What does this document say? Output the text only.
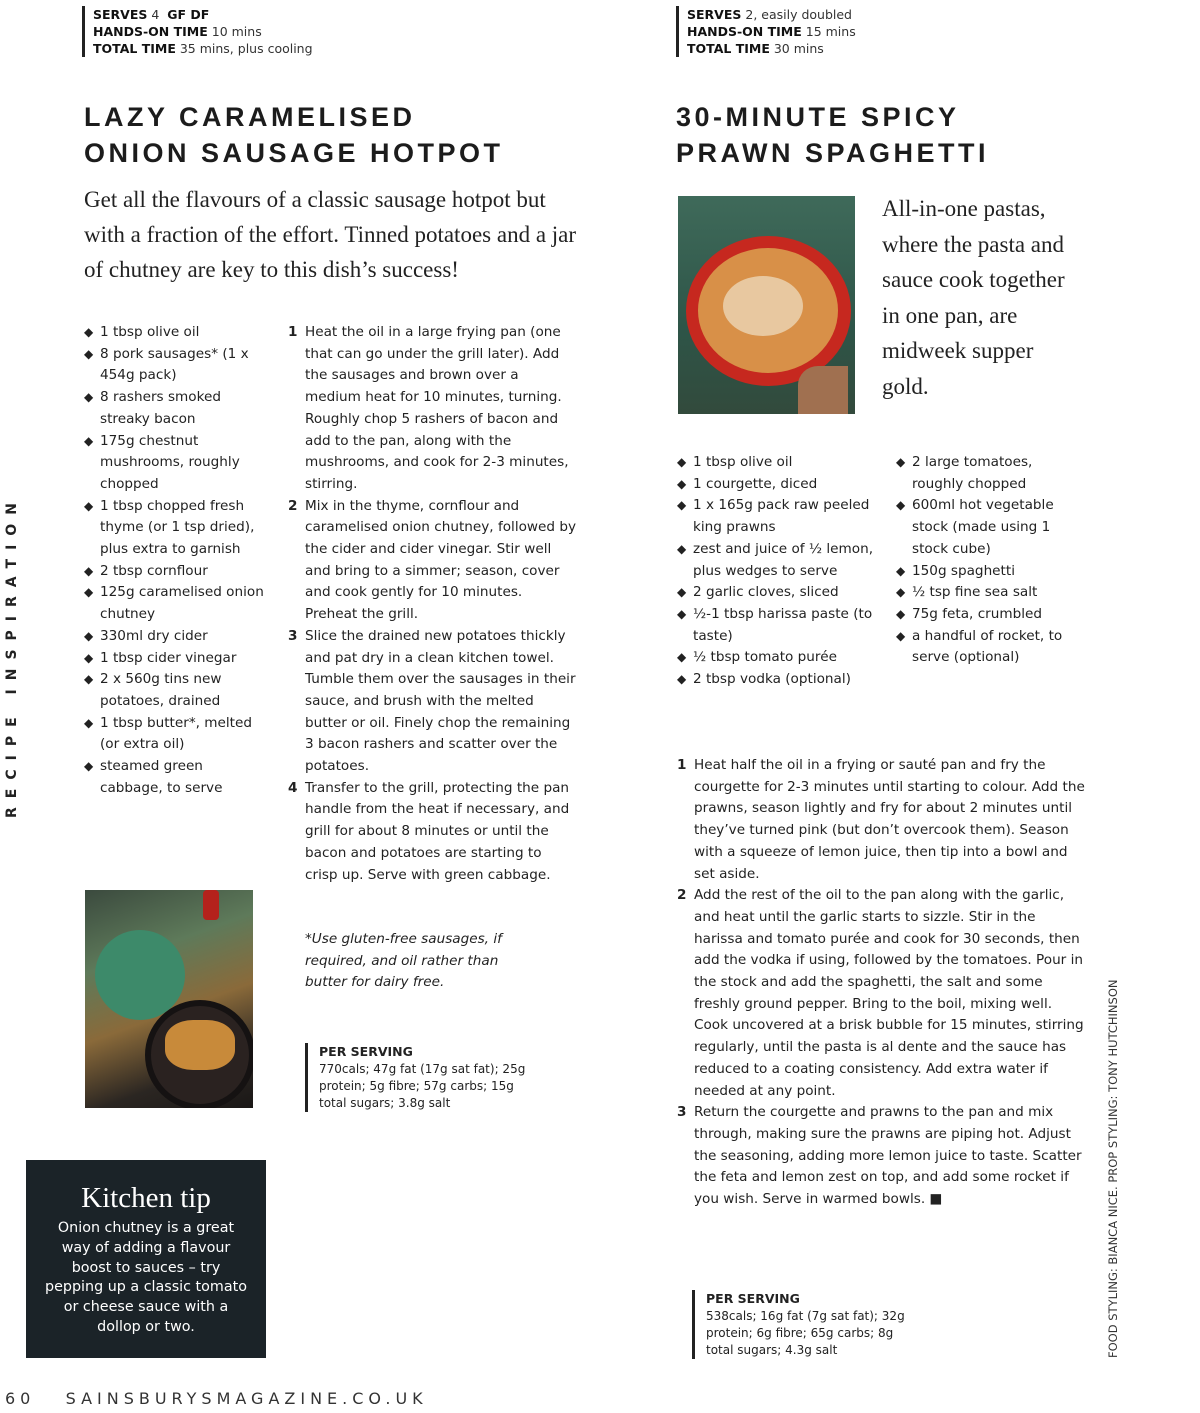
SERVES 4 GF DF
HANDS-ON TIME 10 mins
TOTAL TIME 35 mins, plus cooling
LAZY CARAMELISED
ONION SAUSAGE HOTPOT
Get all the flavours of a classic sausage hotpot but with a fraction of the effort. Tinned potatoes and a jar of chutney are key to this dish’s success!
◆ 1 tbsp olive oil
◆ 8 pork sausages* (1 x 454g pack)
◆ 8 rashers smoked streaky bacon
◆ 175g chestnut mushrooms, roughly chopped
◆ 1 tbsp chopped fresh thyme (or 1 tsp dried), plus extra to garnish
◆ 2 tbsp cornflour
◆ 125g caramelised onion chutney
◆ 330ml dry cider
◆ 1 tbsp cider vinegar
◆ 2 x 560g tins new potatoes, drained
◆ 1 tbsp butter*, melted (or extra oil)
◆ steamed green cabbage, to serve
1 Heat the oil in a large frying pan (one that can go under the grill later). Add the sausages and brown over a medium heat for 10 minutes, turning. Roughly chop 5 rashers of bacon and add to the pan, along with the mushrooms, and cook for 2-3 minutes, stirring.
2 Mix in the thyme, cornflour and caramelised onion chutney, followed by the cider and cider vinegar. Stir well and bring to a simmer; season, cover and cook gently for 10 minutes. Preheat the grill.
3 Slice the drained new potatoes thickly and pat dry in a clean kitchen towel. Tumble them over the sausages in their sauce, and brush with the melted butter or oil. Finely chop the remaining 3 bacon rashers and scatter over the potatoes.
4 Transfer to the grill, protecting the pan handle from the heat if necessary, and grill for about 8 minutes or until the bacon and potatoes are starting to crisp up. Serve with green cabbage.
*Use gluten-free sausages, if required, and oil rather than butter for dairy free.
PER SERVING
770cals; 47g fat (17g sat fat); 25g protein; 5g fibre; 57g carbs; 15g total sugars; 3.8g salt
Kitchen tip

Onion chutney is a great way of adding a flavour boost to sauces – try pepping up a classic tomato or cheese sauce with a dollop or two.

SERVES 2, easily doubled
HANDS-ON TIME 15 mins
TOTAL TIME 30 mins
30-MINUTE SPICY
PRAWN SPAGHETTI
All-in-one pastas, where the pasta and sauce cook together in one pan, are midweek supper gold.
◆ 1 tbsp olive oil
◆ 1 courgette, diced
◆ 1 x 165g pack raw peeled king prawns
◆ zest and juice of ½ lemon, plus wedges to serve
◆ 2 garlic cloves, sliced
◆ ½-1 tbsp harissa paste (to taste)
◆ ½ tbsp tomato purée
◆ 2 tbsp vodka (optional)
◆ 2 large tomatoes, roughly chopped
◆ 600ml hot vegetable stock (made using 1 stock cube)
◆ 150g spaghetti
◆ ½ tsp fine sea salt
◆ 75g feta, crumbled
◆ a handful of rocket, to serve (optional)
1 Heat half the oil in a frying or sauté pan and fry the courgette for 2-3 minutes until starting to colour. Add the prawns, season lightly and fry for about 2 minutes until they’ve turned pink (but don’t overcook them). Season with a squeeze of lemon juice, then tip into a bowl and set aside.
2 Add the rest of the oil to the pan along with the garlic, and heat until the garlic starts to sizzle. Stir in the harissa and tomato purée and cook for 30 seconds, then add the vodka if using, followed by the tomatoes. Pour in the stock and add the spaghetti, the salt and some freshly ground pepper. Bring to the boil, mixing well. Cook uncovered at a brisk bubble for 15 minutes, stirring regularly, until the pasta is al dente and the sauce has reduced to a coating consistency. Add extra water if needed at any point.
3 Return the courgette and prawns to the pan and mix through, making sure the prawns are piping hot. Adjust the seasoning, adding more lemon juice to taste. Scatter the feta and lemon zest on top, and add some rocket if you wish. Serve in warmed bowls. ■
PER SERVING
538cals; 16g fat (7g sat fat); 32g protein; 6g fibre; 65g carbs; 8g total sugars; 4.3g salt
RECIPE INSPIRATION
FOOD STYLING: BIANCA NICE. PROP STYLING: TONY HUTCHINSON
60 SAINSBURYSMAGAZINE.CO.UK
